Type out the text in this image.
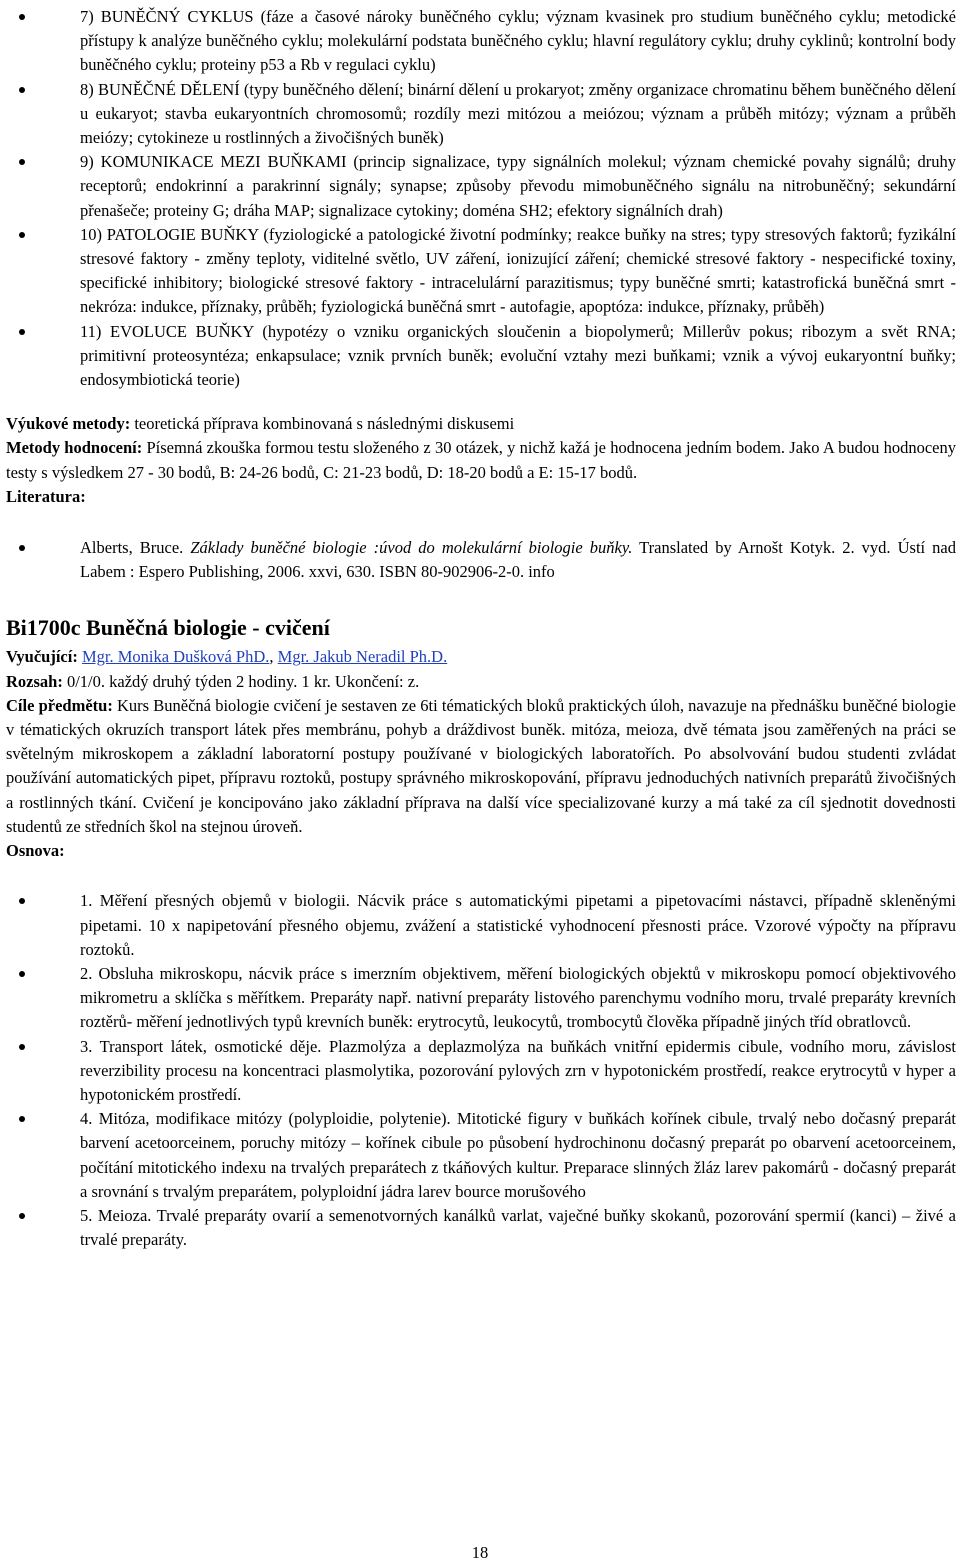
7) BUNĚČNÝ CYKLUS (fáze a časové nároky buněčného cyklu; význam kvasinek pro studium buněčného cyklu; metodické přístupy k analýze buněčného cyklu; molekulární podstata buněčného cyklu; hlavní regulátory cyklu; druhy cyklinů; kontrolní body buněčného cyklu; proteiny p53 a Rb v regulaci cyklu)
8) BUNĚČNÉ DĚLENÍ (typy buněčného dělení; binární dělení u prokaryot; změny organizace chromatinu během buněčného dělení u eukaryot; stavba eukaryontních chromosomů; rozdíly mezi mitózou a meiózou; význam a průběh mitózy; význam a průběh meiózy; cytokineze u rostlinných a živočišných buněk)
9) KOMUNIKACE MEZI BUŇKAMI (princip signalizace, typy signálních molekul; význam chemické povahy signálů; druhy receptorů; endokrinní a parakrinní signály; synapse; způsoby převodu mimobuněčného signálu na nitrobuněčný; sekundární přenašeče; proteiny G; dráha MAP; signalizace cytokiny; doména SH2; efektory signálních drah)
10) PATOLOGIE BUŇKY (fyziologické a patologické životní podmínky; reakce buňky na stres; typy stresových faktorů; fyzikální stresové faktory - změny teploty, viditelné světlo, UV záření, ionizující záření; chemické stresové faktory - nespecifické toxiny, specifické inhibitory; biologické stresové faktory - intracelulární parazitismus; typy buněčné smrti; katastrofická buněčná smrt - nekróza: indukce, příznaky, průběh; fyziologická buněčná smrt - autofagie, apoptóza: indukce, příznaky, průběh)
11) EVOLUCE BUŇKY (hypotézy o vzniku organických sloučenin a biopolymerů; Millerův pokus; ribozym a svět RNA; primitivní proteosyntéza; enkapsulace; vznik prvních buněk; evoluční vztahy mezi buňkami; vznik a vývoj eukaryontní buňky; endosymbiotická teorie)

Výukové metody: teoretická příprava kombinovaná s následnými diskusemi

Metody hodnocení: Písemná zkouška formou testu složeného z 30 otázek, y nichž kažá je hodnocena jedním bodem. Jako A budou hodnoceny testy s výsledkem 27 - 30 bodů, B: 24-26 bodů, C: 21-23 bodů, D: 18-20 bodů a E: 15-17 bodů.

Literatura:

Alberts, Bruce. Základy buněčné biologie :úvod do molekulární biologie buňky. Translated by Arnošt Kotyk. 2. vyd. Ústí nad Labem : Espero Publishing, 2006. xxvi, 630. ISBN 80-902906-2-0. info

Bi1700c Buněčná biologie - cvičení

Vyučující: Mgr. Monika Dušková PhD., Mgr. Jakub Neradil Ph.D.

Rozsah: 0/1/0. každý druhý týden 2 hodiny. 1 kr. Ukončení: z.

Cíle předmětu: Kurs Buněčná biologie cvičení je sestaven ze 6ti tématických bloků praktických úloh, navazuje na přednášku buněčné biologie v tématických okruzích transport látek přes membránu, pohyb a dráždivost buněk. mitóza, meioza, dvě témata jsou zaměřených na práci se světelným mikroskopem a základní laboratorní postupy používané v biologických laboratořích. Po absolvování budou studenti zvládat používání automatických pipet, přípravu roztoků, postupy správného mikroskopování, přípravu jednoduchých nativních preparátů živočišných a rostlinných tkání. Cvičení je koncipováno jako základní příprava na další více specializované kurzy a má také za cíl sjednotit dovednosti studentů ze středních škol na stejnou úroveň.

Osnova:

1. Měření přesných objemů v biologii. Nácvik práce s automatickými pipetami a pipetovacími nástavci, případně skleněnými pipetami. 10 x napipetování přesného objemu, zvážení a statistické vyhodnocení přesnosti práce. Vzorové výpočty na přípravu roztoků.
2. Obsluha mikroskopu, nácvik práce s imerzním objektivem, měření biologických objektů v mikroskopu pomocí objektivového mikrometru a sklíčka s měřítkem. Preparáty např. nativní preparáty listového parenchymu vodního moru, trvalé preparáty krevních roztěrů- měření jednotlivých typů krevních buněk: erytrocytů, leukocytů, trombocytů člověka případně jiných tříd obratlovců.
3. Transport látek, osmotické děje. Plazmolýza a deplazmolýza na buňkách vnitřní epidermis cibule, vodního moru, závislost reverzibility procesu na koncentraci plasmolytika, pozorování pylových zrn v hypotonickém prostředí, reakce erytrocytů v hyper a hypotonickém prostředí.
4. Mitóza, modifikace mitózy (polyploidie, polytenie). Mitotické figury v buňkách kořínek cibule, trvalý nebo dočasný preparát barvení acetoorceinem, poruchy mitózy – kořínek cibule po působení hydrochinonu dočasný preparát po obarvení acetoorceinem, počítání mitotického indexu na trvalých preparátech z tkáňových kultur. Preparace slinných žláz larev pakomárů - dočasný preparát a srovnání s trvalým preparátem, polyploidní jádra larev bource morušového
5. Meioza. Trvalé preparáty ovarií a semenotvorných kanálků varlat, vaječné buňky skokanů, pozorování spermií (kanci) – živé a trvalé preparáty.
18
